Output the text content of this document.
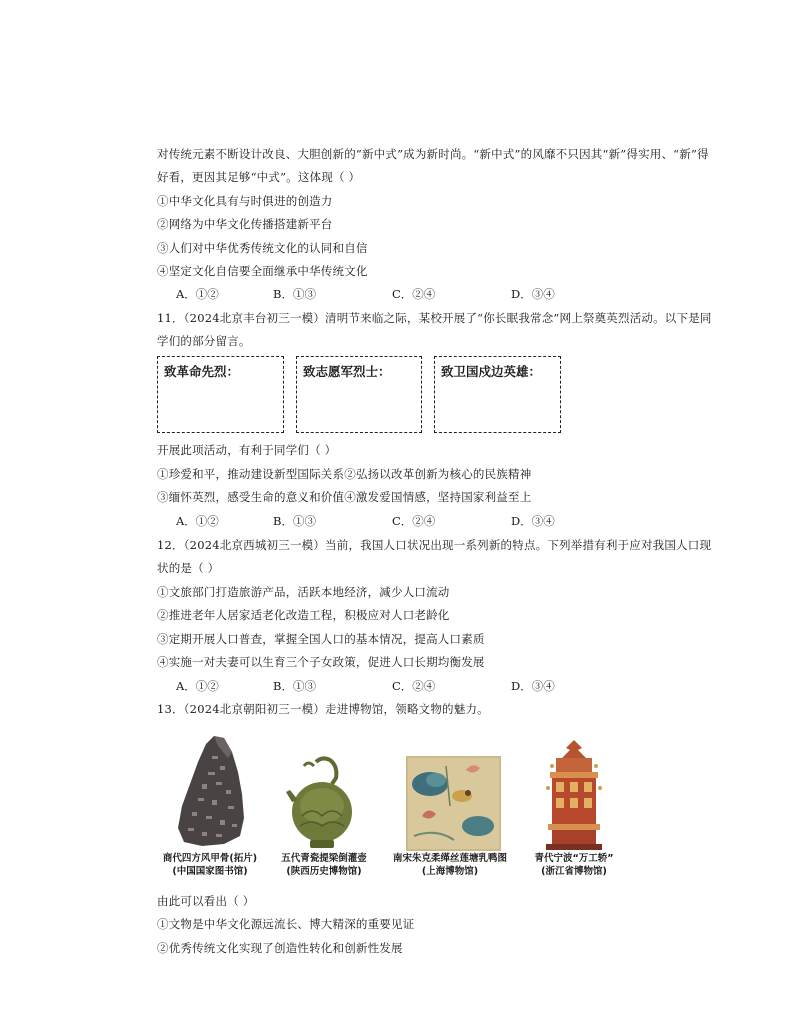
对传统元素不断设计改良、大胆创新的“新中式”成为新时尚。“新中式”的风靡不只因其“新”得实用、“新”得
好看，更因其足够“中式”。这体现（ ）
①中华文化具有与时俱进的创造力
②网络为中华文化传播搭建新平台
③人们对中华优秀传统文化的认同和自信
④坚定文化自信要全面继承中华传统文化
A．①②	B．①③	C．②④	D．③④
11．（2024北京丰台初三一模）清明节来临之际，某校开展了“你长眠我常念”网上祭奠英烈活动。以下是同
学们的部分留言。
致革命先烈：	致志愿军烈士：	致卫国戍边英雄：
开展此项活动，有利于同学们（ ）
①珍爱和平，推动建设新型国际关系②弘扬以改革创新为核心的民族精神
③缅怀英烈，感受生命的意义和价值④激发爱国情感，坚持国家利益至上
A．①②	B．①③	C．②④	D．③④
12．（2024北京西城初三一模）当前，我国人口状况出现一系列新的特点。下列举措有利于应对我国人口现
状的是（ ）
①文旅部门打造旅游产品，活跃本地经济，减少人口流动
②推进老年人居家适老化改造工程，积极应对人口老龄化
③定期开展人口普查，掌握全国人口的基本情况，提高人口素质
④实施一对夫妻可以生育三个子女政策，促进人口长期均衡发展
A．①②	B．①③	C．②④	D．③④
13．（2024北京朝阳初三一模）走进博物馆，领略文物的魅力。
商代四方风甲骨(拓片)
(中国国家图书馆)
五代青瓷提梁倒灌壶
(陕西历史博物馆)
南宋朱克柔缂丝莲塘乳鸭图
(上海博物馆)
青代宁波“万工轿”
(浙江省博物馆)
由此可以看出（ ）
①文物是中华文化源远流长、博大精深的重要见证
②优秀传统文化实现了创造性转化和创新性发展
